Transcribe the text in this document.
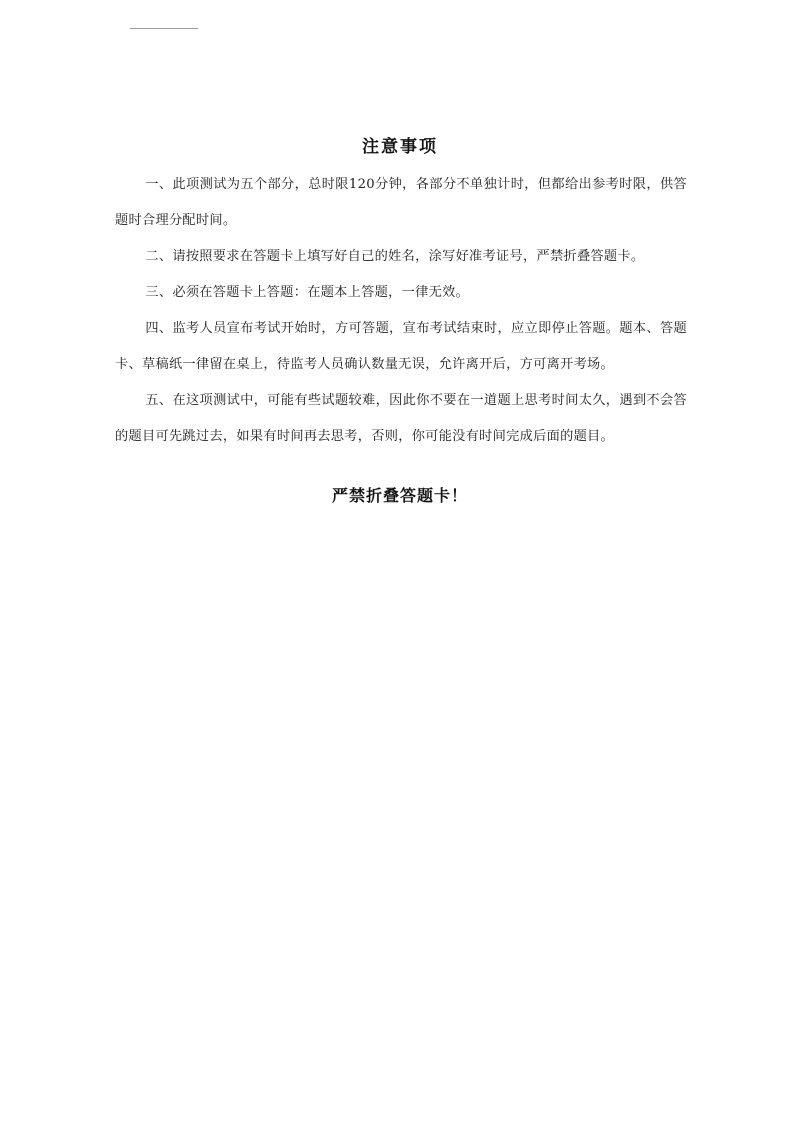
注意事项

一、此项测试为五个部分，总时限120分钟，各部分不单独计时，但都给出参考时限，供答题时合理分配时间。

二、请按照要求在答题卡上填写好自己的姓名，涂写好准考证号，严禁折叠答题卡。

三、必须在答题卡上答题：在题本上答题，一律无效。

四、监考人员宣布考试开始时，方可答题，宣布考试结束时，应立即停止答题。题本、答题卡、草稿纸一律留在桌上，待监考人员确认数量无误，允许离开后，方可离开考场。

五、在这项测试中，可能有些试题较难，因此你不要在一道题上思考时间太久，遇到不会答的题目可先跳过去，如果有时间再去思考，否则，你可能没有时间完成后面的题目。

严禁折叠答题卡！
